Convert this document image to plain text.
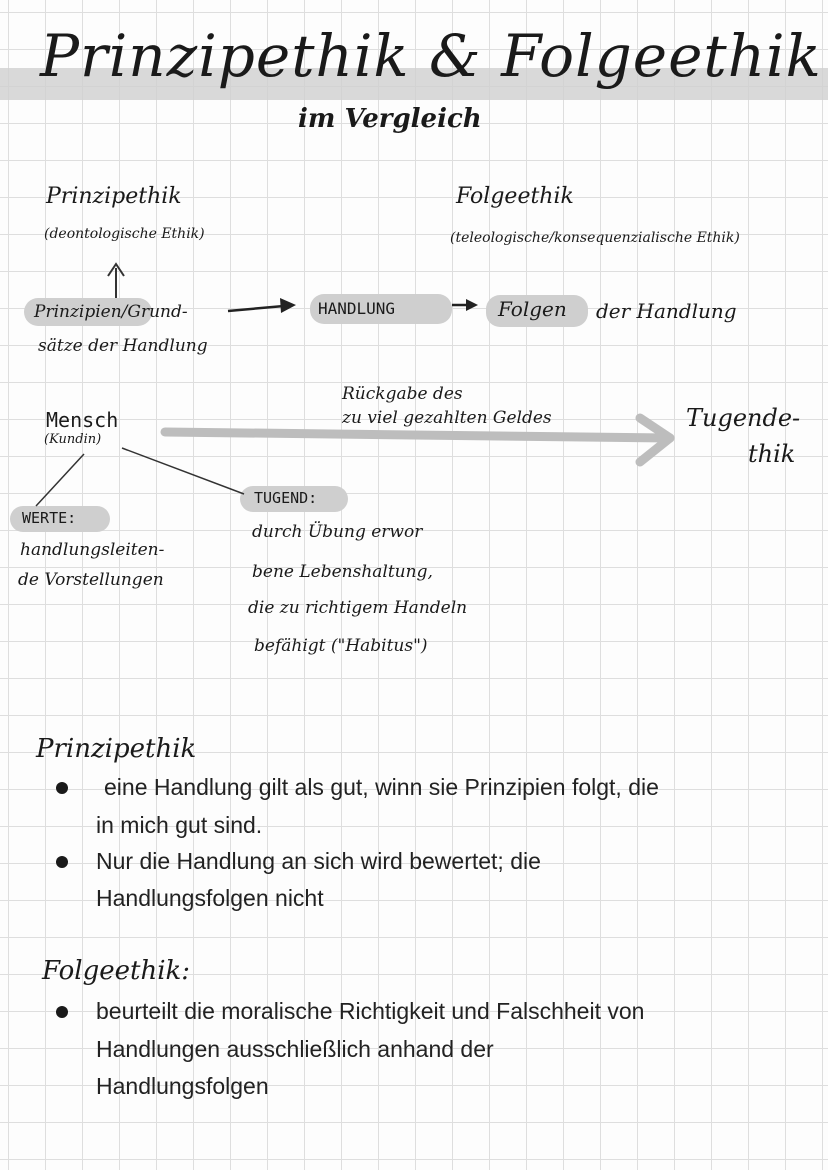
Prinzipethik & Folgeethik
im Vergleich
Prinzipethik
(deontologische Ethik)
Folgeethik
(teleologische/konsequenzialische Ethik)
Prinzipien/Grund-
sätze der Handlung
HANDLUNG	Folgen der Handlung
Mensch
(Kundin)
Rückgabe des
zu viel gezahlten Geldes	Tugende-
thik
WERTE:
handlungsleiten-
de Vorstellungen
TUGEND:
durch Übung erwor
bene Lebenshaltung,
die zu richtigem Handeln
befähigt ("Habitus")
Prinzipethik
eine Handlung gilt als gut, winn sie Prinzipien folgt, die
in mich gut sind.
Nur die Handlung an sich wird bewertet; die
Handlungsfolgen nicht
Folgeethik:
beurteilt die moralische Richtigkeit und Falschheit von
Handlungen ausschließlich anhand der
Handlungsfolgen
